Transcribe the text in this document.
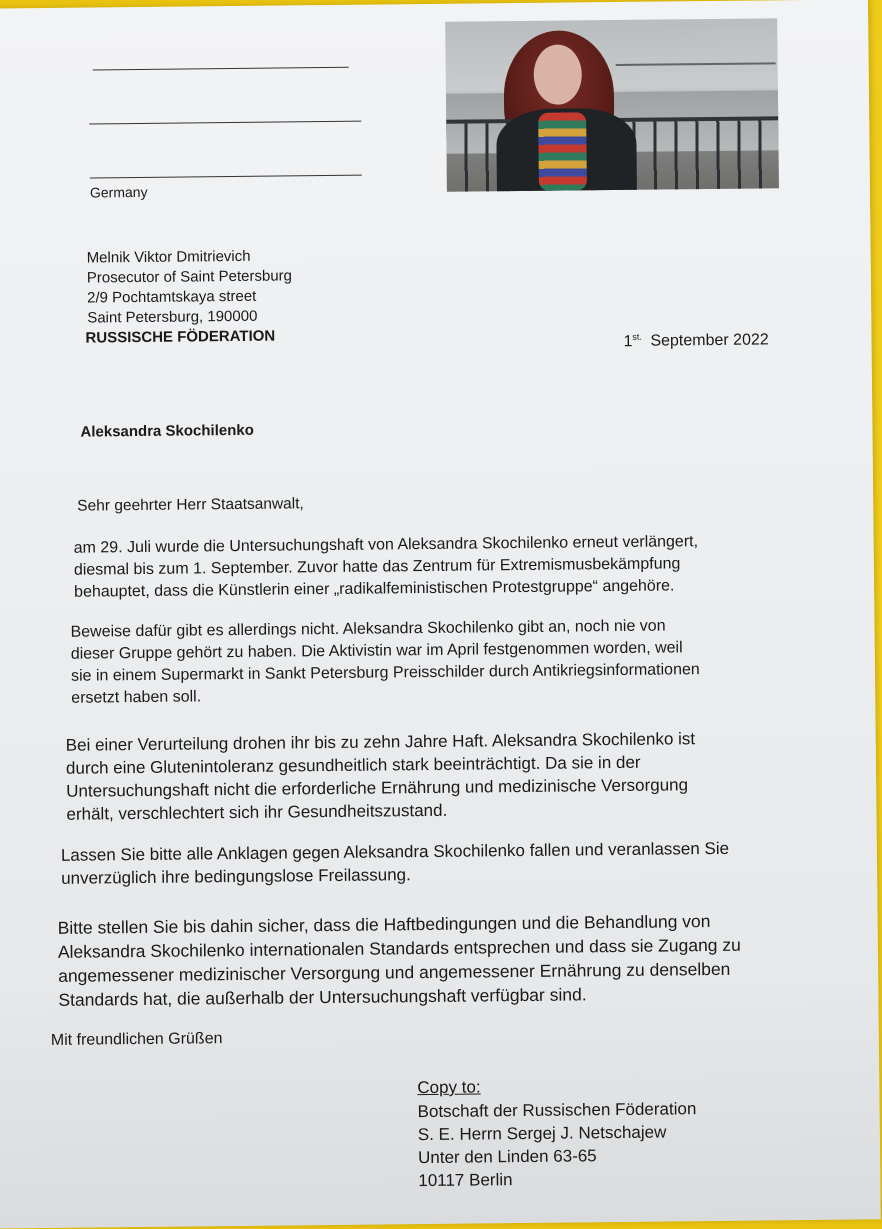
Germany
Melnik Viktor Dmitrievich
Prosecutor of Saint Petersburg
2/9 Pochtamtskaya street
Saint Petersburg, 190000
RUSSISCHE FÖDERATION	$1^{st.}$ September 2022
Aleksandra Skochilenko
Sehr geehrter Herr Staatsanwalt,
am 29. Juli wurde die Untersuchungshaft von Aleksandra Skochilenko erneut verlängert,
diesmal bis zum 1. September. Zuvor hatte das Zentrum für Extremismusbekämpfung
behauptet, dass die Künstlerin einer „radikalfeministischen Protestgruppe“ angehöre.
Beweise dafür gibt es allerdings nicht. Aleksandra Skochilenko gibt an, noch nie von
dieser Gruppe gehört zu haben. Die Aktivistin war im April festgenommen worden, weil
sie in einem Supermarkt in Sankt Petersburg Preisschilder durch Antikriegsinformationen
ersetzt haben soll.
Bei einer Verurteilung drohen ihr bis zu zehn Jahre Haft. Aleksandra Skochilenko ist
durch eine Glutenintoleranz gesundheitlich stark beeinträchtigt. Da sie in der
Untersuchungshaft nicht die erforderliche Ernährung und medizinische Versorgung
erhält, verschlechtert sich ihr Gesundheitszustand.
Lassen Sie bitte alle Anklagen gegen Aleksandra Skochilenko fallen und veranlassen Sie
unverzüglich ihre bedingungslose Freilassung.
Bitte stellen Sie bis dahin sicher, dass die Haftbedingungen und die Behandlung von
Aleksandra Skochilenko internationalen Standards entsprechen und dass sie Zugang zu
angemessener medizinischer Versorgung und angemessener Ernährung zu denselben
Standards hat, die außerhalb der Untersuchungshaft verfügbar sind.
Mit freundlichen Grüßen
Copy to:
Botschaft der Russischen Föderation
S. E. Herrn Sergej J. Netschajew
Unter den Linden 63-65
10117 Berlin
